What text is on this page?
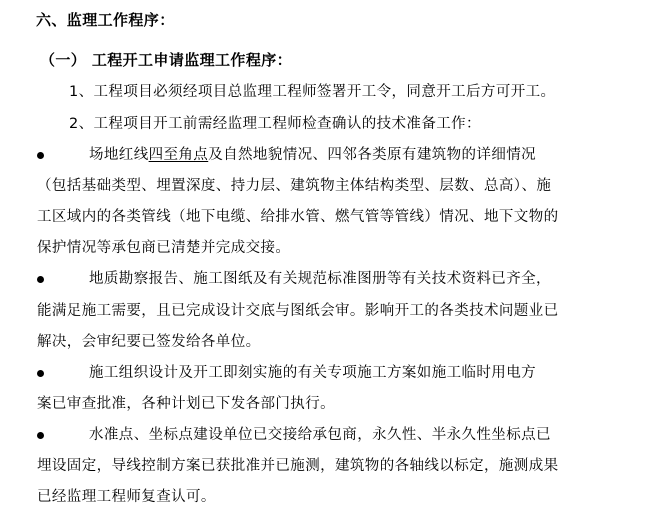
六、监理工作程序：
（一） 工程开工申请监理工作程序：
1、工程项目必须经项目总监理工程师签署开工令，同意开工后方可开工。
2、工程项目开工前需经监理工程师检查确认的技术准备工作：
场地红线四至角点及自然地貌情况、四邻各类原有建筑物的详细情况
（包括基础类型、埋置深度、持力层、建筑物主体结构类型、层数、总高）、施
工区域内的各类管线（地下电缆、给排水管、燃气管等管线）情况、地下文物的
保护情况等承包商已清楚并完成交接。
地质勘察报告、施工图纸及有关规范标准图册等有关技术资料已齐全，
能满足施工需要，且已完成设计交底与图纸会审。影响开工的各类技术问题业已
解决，会审纪要已签发给各单位。
施工组织设计及开工即刻实施的有关专项施工方案如施工临时用电方
案已审查批准，各种计划已下发各部门执行。
水准点、坐标点建设单位已交接给承包商，永久性、半永久性坐标点已
埋设固定，导线控制方案已获批准并已施测，建筑物的各轴线以标定，施测成果
已经监理工程师复查认可。
